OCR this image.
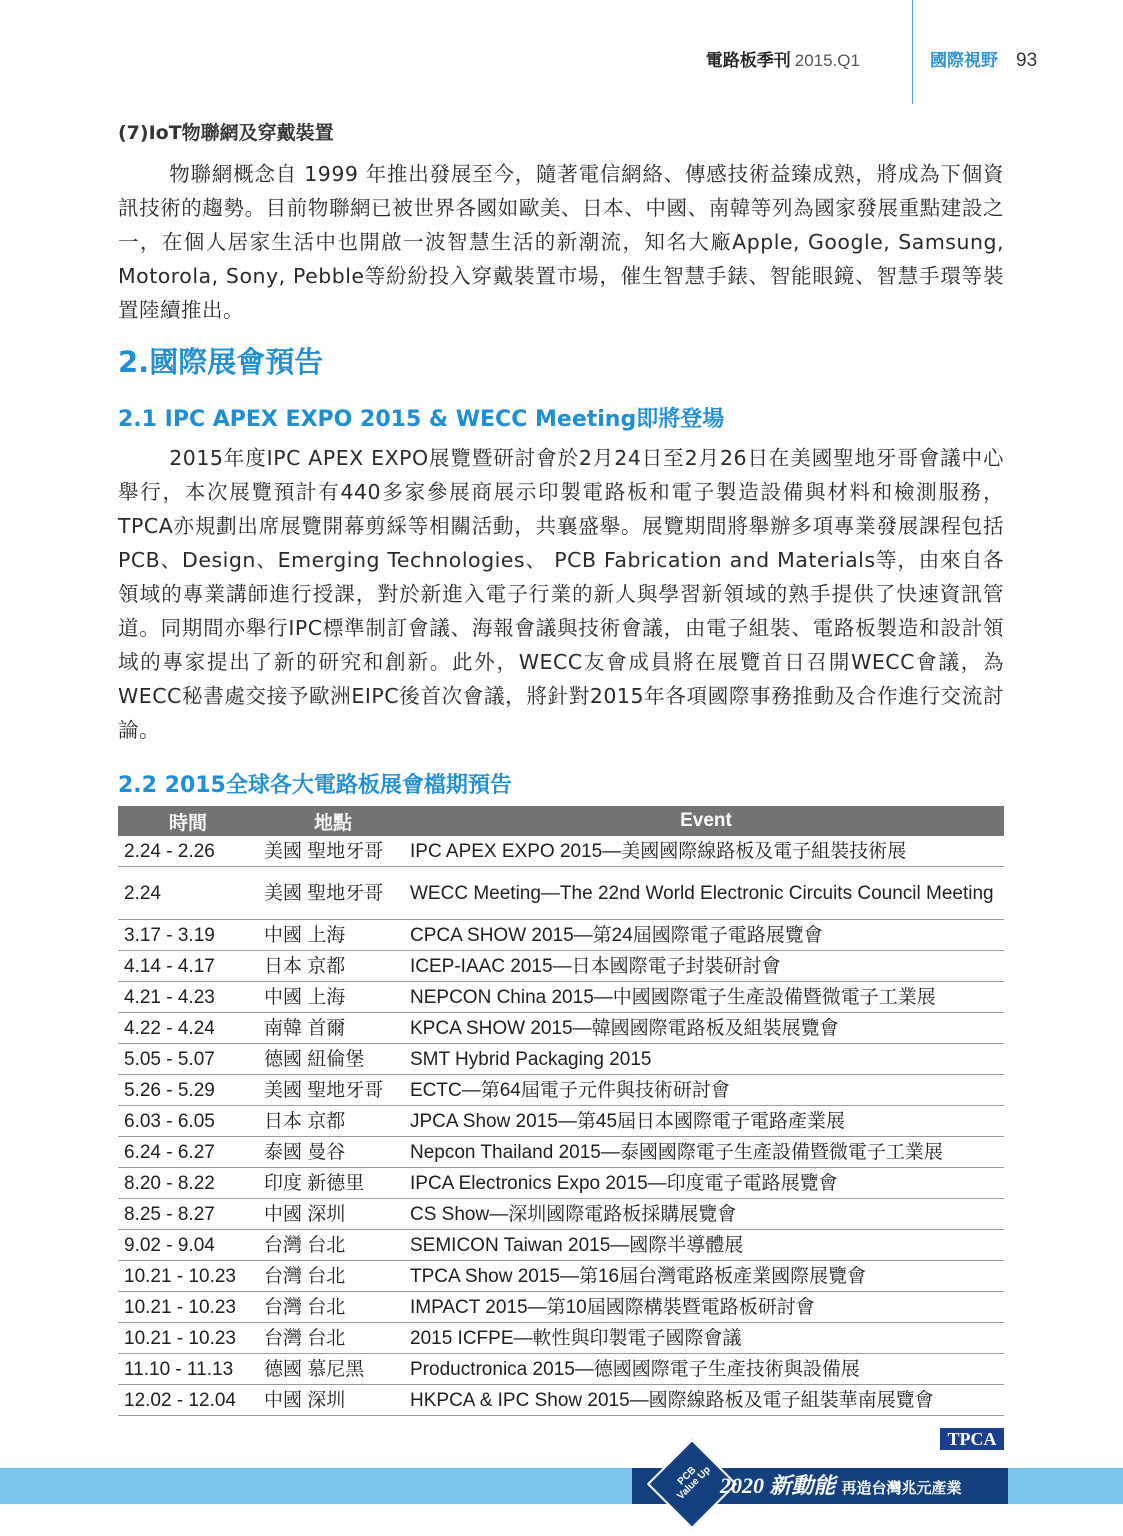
電路板季刊 2015.Q1	國際視野 93
(7)IoT物聯網及穿戴裝置

物聯網概念自 1999 年推出發展至今，隨著電信網絡、傳感技術益臻成熟，將成為下個資訊技術的趨勢。目前物聯網已被世界各國如歐美、日本、中國、南韓等列為國家發展重點建設之一，在個人居家生活中也開啟一波智慧生活的新潮流，知名大廠Apple, Google, Samsung, Motorola, Sony, Pebble等紛紛投入穿戴裝置市場，催生智慧手錶、智能眼鏡、智慧手環等裝置陸續推出。

2.國際展會預告
2.1 IPC APEX EXPO 2015 & WECC Meeting即將登場

2015年度IPC APEX EXPO展覽暨研討會於2月24日至2月26日在美國聖地牙哥會議中心舉行，本次展覽預計有440多家參展商展示印製電路板和電子製造設備與材料和檢測服務，TPCA亦規劃出席展覽開幕剪綵等相關活動，共襄盛舉。展覽期間將舉辦多項專業發展課程包括PCB、Design、Emerging Technologies、 PCB Fabrication and Materials等，由來自各領域的專業講師進行授課，對於新進入電子行業的新人與學習新領域的熟手提供了快速資訊管道。同期間亦舉行IPC標準制訂會議、海報會議與技術會議，由電子組裝、電路板製造和設計領域的專家提出了新的研究和創新。此外，WECC友會成員將在展覽首日召開WECC會議，為WECC秘書處交接予歐洲EIPC後首次會議，將針對2015年各項國際事務推動及合作進行交流討論。

2.2 2015全球各大電路板展會檔期預告
時間	地點	Event
2.24 - 2.26	美國 聖地牙哥	IPC APEX EXPO 2015—美國國際線路板及電子組裝技術展
2.24	美國 聖地牙哥	WECC Meeting—The 22nd World Electronic Circuits Council Meeting
3.17 - 3.19	中國 上海	CPCA SHOW 2015—第24屆國際電子電路展覽會
4.14 - 4.17	日本 京都	ICEP-IAAC 2015—日本國際電子封裝研討會
4.21 - 4.23	中國 上海	NEPCON China 2015—中國國際電子生產設備暨微電子工業展
4.22 - 4.24	南韓 首爾	KPCA SHOW 2015—韓國國際電路板及組裝展覽會
5.05 - 5.07	德國 紐倫堡	SMT Hybrid Packaging 2015
5.26 - 5.29	美國 聖地牙哥	ECTC—第64屆電子元件與技術研討會
6.03 - 6.05	日本 京都	JPCA Show 2015—第45屆日本國際電子電路產業展
6.24 - 6.27	泰國 曼谷	Nepcon Thailand 2015—泰國國際電子生產設備暨微電子工業展
8.20 - 8.22	印度 新德里	IPCA Electronics Expo 2015—印度電子電路展覽會
8.25 - 8.27	中國 深圳	CS Show—深圳國際電路板採購展覽會
9.02 - 9.04	台灣 台北	SEMICON Taiwan 2015—國際半導體展
10.21 - 10.23	台灣 台北	TPCA Show 2015—第16屆台灣電路板產業國際展覽會
10.21 - 10.23	台灣 台北	IMPACT 2015—第10屆國際構裝暨電路板研討會
10.21 - 10.23	台灣 台北	2015 ICFPE—軟性與印製電子國際會議
11.10 - 11.13	德國 慕尼黑	Productronica 2015—德國國際電子生產技術與設備展
12.02 - 12.04	中國 深圳	HKPCA & IPC Show 2015—國際線路板及電子組裝華南展覽會
TPCA
PCB Value Up 2020 新動能 再造台灣兆元產業
